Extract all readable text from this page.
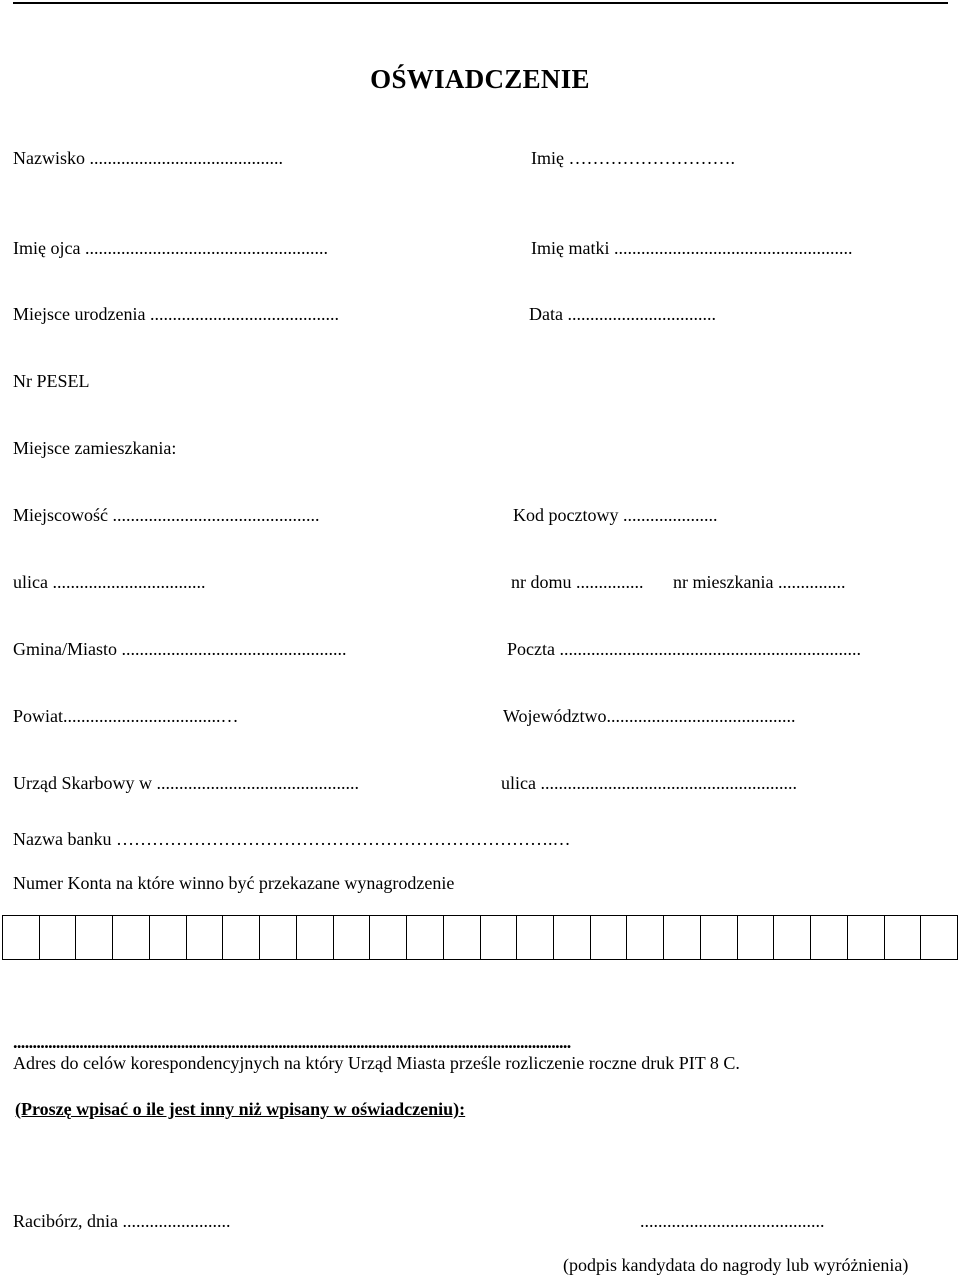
OŚWIADCZENIE
Nazwisko ...........................................	Imię ……………………….
Imię ojca ......................................................	Imię matki .....................................................
Miejsce urodzenia ..........................................	Data .................................
Nr PESEL
Miejsce zamieszkania:
Miejscowość ..............................................	Kod pocztowy .....................
ulica ..................................	nr domu ............... nr mieszkania ...............
Gmina/Miasto ..................................................	Poczta ...................................................................
Powiat...................................…	Województwo..........................................
Urząd Skarbowy w .............................................	ulica .........................................................
Nazwa banku ……………………………………………………………….…
Numer Konta na które winno być przekazane wynagrodzenie
...............................................................................................................................................
Adres do celów korespondencyjnych na który Urząd Miasta prześle rozliczenie roczne druk PIT 8 C.
(Proszę wpisać o ile jest inny niż wpisany w oświadczeniu):
Racibórz, dnia ........................	.........................................
(podpis kandydata do nagrody lub wyróżnienia)
